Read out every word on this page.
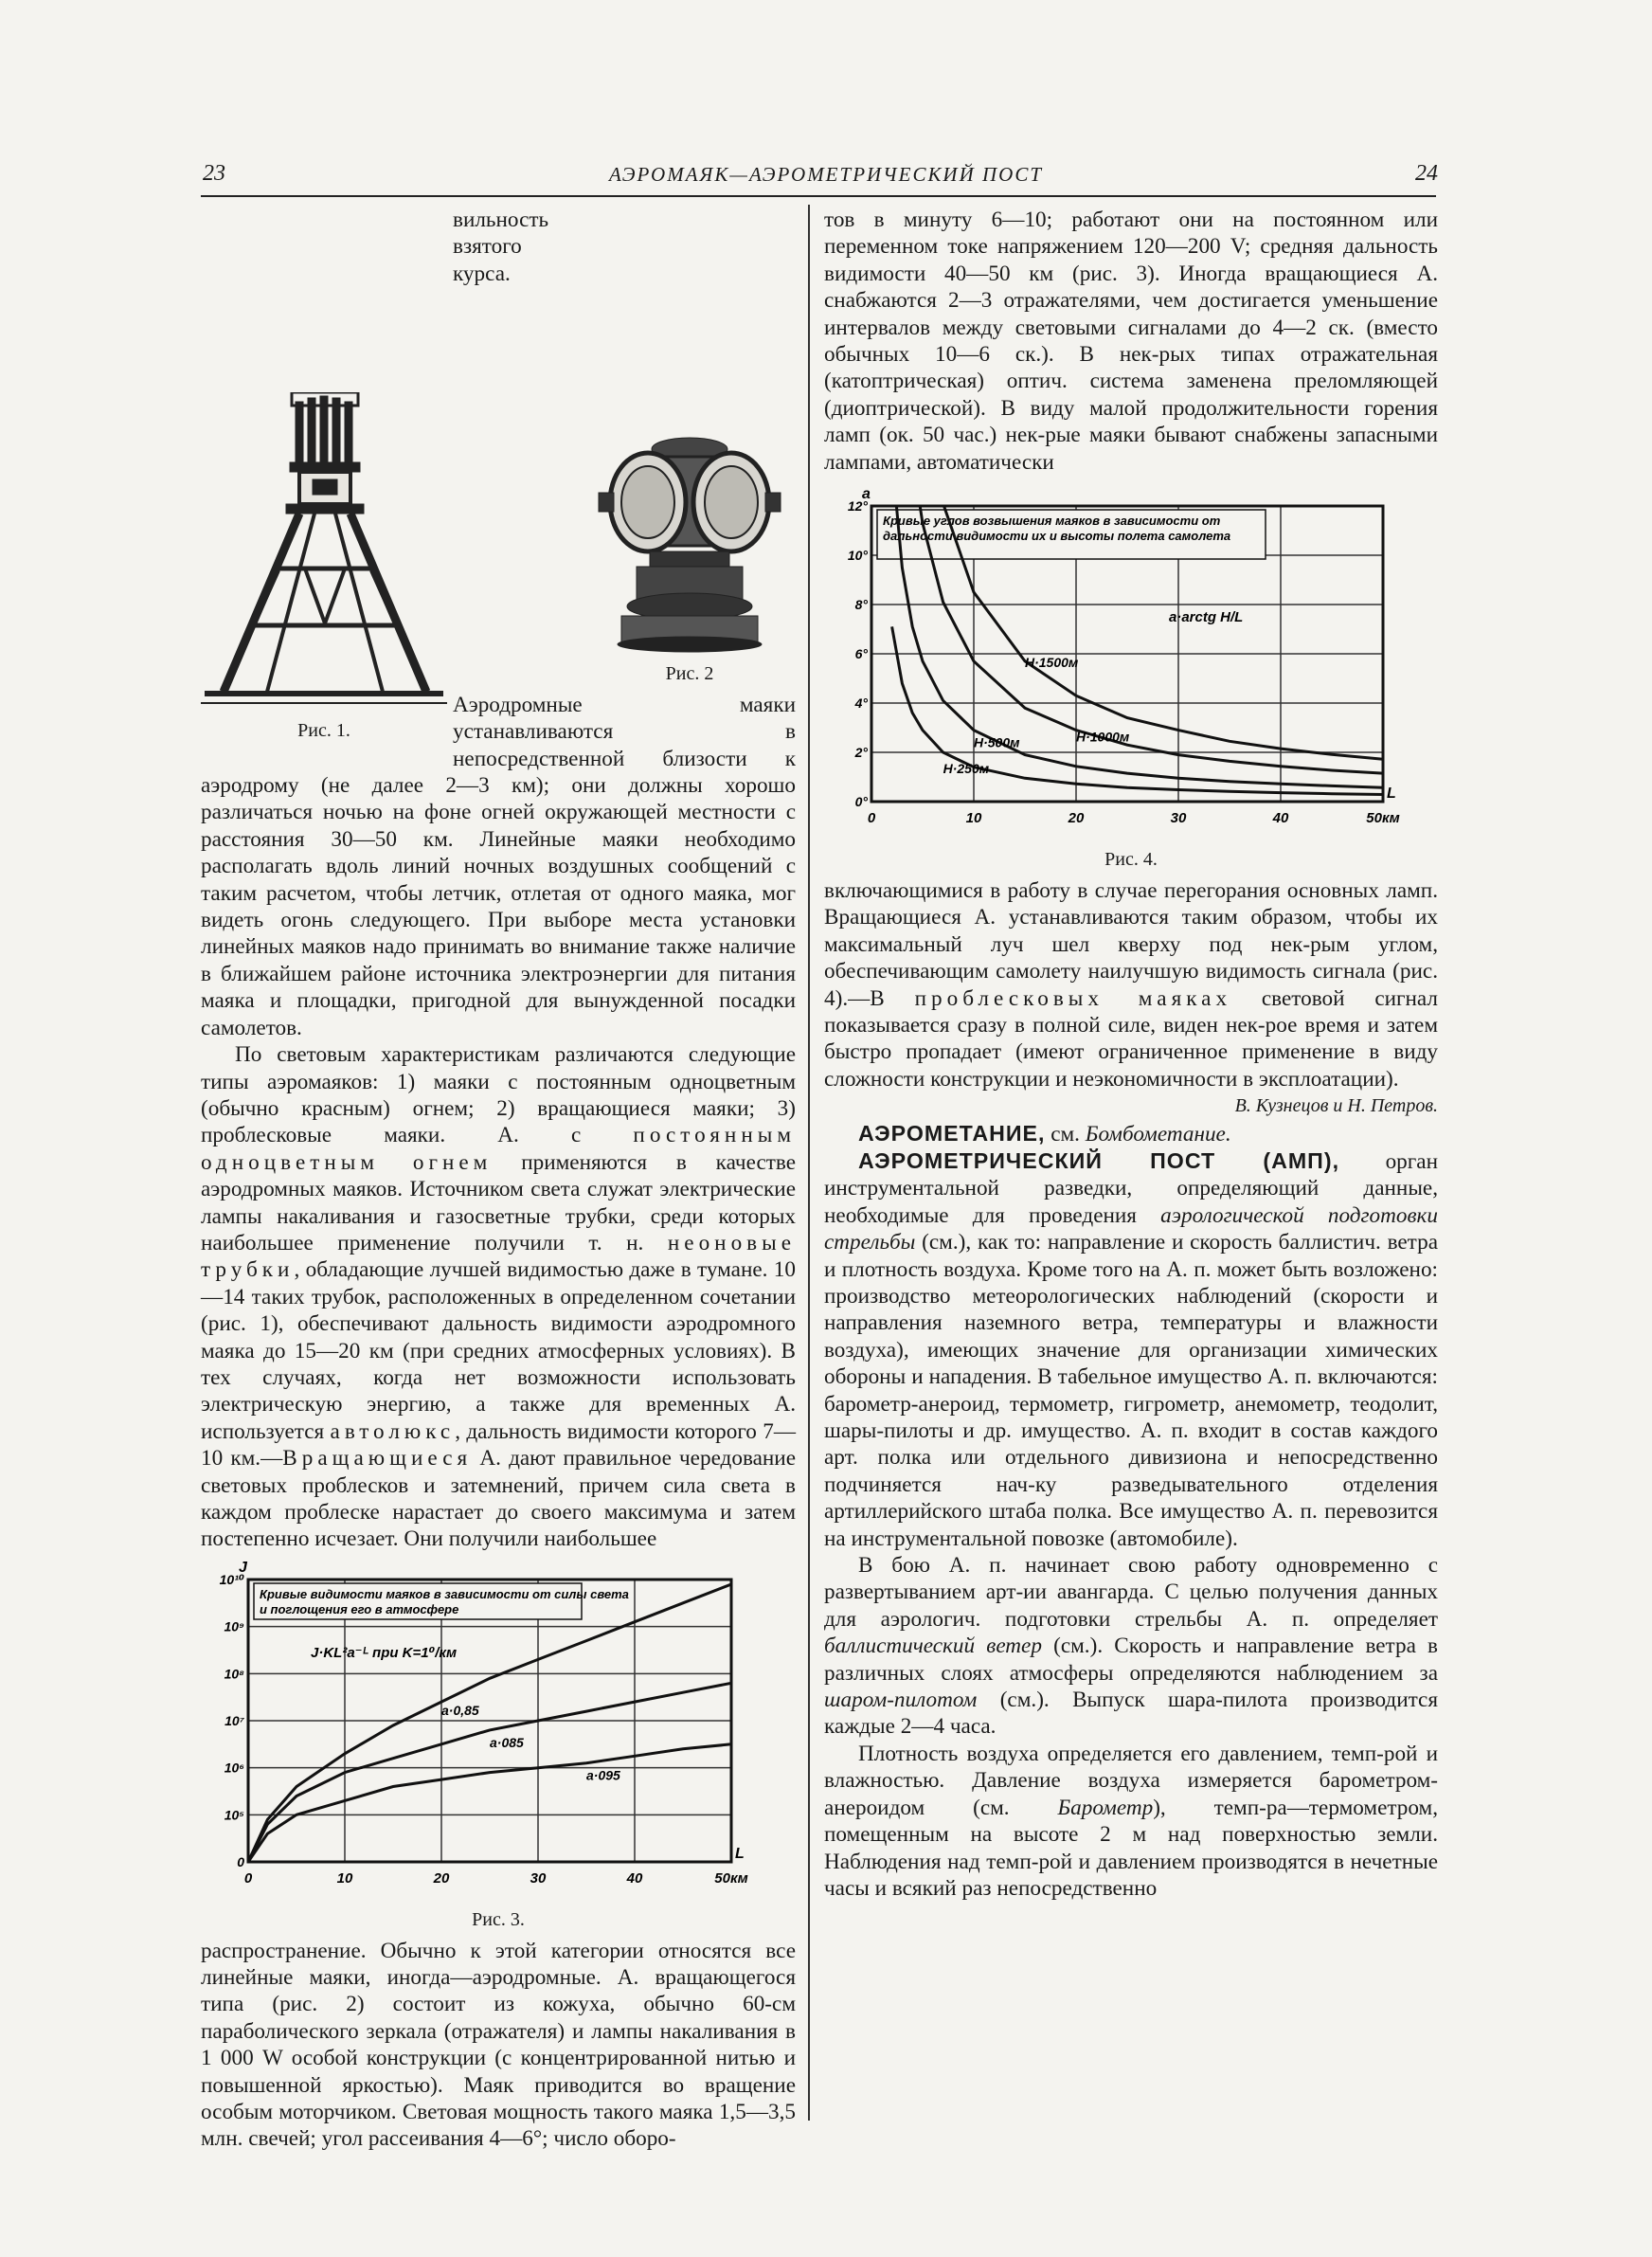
23	АЭРОМАЯК—АЭРОМЕТРИЧЕСКИЙ ПОСТ	24
Рис. 1.
Рис. 2

вильность взятого курса. Аэродромные маяки устанавливаются в непосредственной близости к аэродрому (не далее 2—3 км); они должны хорошо различаться ночью на фоне огней окружающей местности с расстояния 30—50 км. Линейные маяки необходимо располагать вдоль линий ночных воздушных сообщений с таким расчетом, чтобы летчик, отлетая от одного маяка, мог видеть огонь следующего. При выборе места установки линейных маяков надо принимать во внимание также наличие в ближайшем районе источника электроэнергии для питания маяка и площадки, пригодной для вынужденной посадки самолетов.

По световым характеристикам различаются следующие типы аэромаяков: 1) маяки с постоянным одноцветным (обычно красным) огнем; 2) вращающиеся маяки; 3) проблесковые маяки. А. с постоянным одноцветным огнем применяются в качестве аэродромных маяков. Источником света служат электрические лампы накаливания и газосветные трубки, среди которых наибольшее применение получили т. н. неоновые трубки, обладающие лучшей видимостью даже в тумане. 10—14 таких трубок, расположенных в определенном сочетании (рис. 1), обеспечивают дальность видимости аэродромного маяка до 15—20 км (при средних атмосферных условиях). В тех случаях, когда нет возможности использовать электрическую энергию, а также для временных А. используется автолюкс, дальность видимости которого 7—10 км.—Вращающиеся А. дают правильное чередование световых проблесков и затемнений, причем сила света в каждом проблеске нарастает до своего максимума и затем постепенно исчезает. Они получили наибольшее

0	10	20	30	40	50км
0
10⁵
10⁶
10⁷
10⁸
10⁹
10¹⁰
J
L
Кривые видимости маяков в зависимости от силы света и поглощения его в атмосфере
J·KL²a⁻ᴸ при K=1⁰/км
a·0,85
a·085
a·095
Рис. 3.

распространение. Обычно к этой категории относятся все линейные маяки, иногда—аэродромные. А. вращающегося типа (рис. 2) состоит из кожуха, обычно 60-см параболического зеркала (отражателя) и лампы накаливания в 1 000 W особой конструкции (с концентрированной нитью и повышенной яркостью). Маяк приводится во вращение особым моторчиком. Световая мощность такого маяка 1,5—3,5 млн. свечей; угол рассеивания 4—6°; число оборо-

тов в минуту 6—10; работают они на постоянном или переменном токе напряжением 120—200 V; средняя дальность видимости 40—50 км (рис. 3). Иногда вращающиеся А. снабжаются 2—3 отражателями, чем достигается уменьшение интервалов между световыми сигналами до 4—2 ск. (вместо обычных 10—6 ск.). В нек-рых типах отражательная (катоптрическая) оптич. система заменена преломляющей (диоптрической). В виду малой продолжительности горения ламп (ок. 50 час.) нек-рые маяки бывают снабжены запасными лампами, автоматически

0	10	20	30	40	50км
0°
2°
4°
6°
8°
10°
12°
a
L
Кривые углов возвышения маяков в зависимости от дальности видимости их и высоты полета самолета
a·arctg H/L
H·250м
H·500м	H·1000м
H·1500м
Рис. 4.

включающимися в работу в случае перегорания основных ламп. Вращающиеся А. устанавливаются таким образом, чтобы их максимальный луч шел кверху под нек-рым углом, обеспечивающим самолету наилучшую видимость сигнала (рис. 4).—В проблесковых маяках световой сигнал показывается сразу в полной силе, виден нек-рое время и затем быстро пропадает (имеют ограниченное применение в виду сложности конструкции и неэкономичности в эксплоатации).

В. Кузнецов и Н. Петров.

АЭРОМЕТАНИЕ, см. Бомбометание.

АЭРОМЕТРИЧЕСКИЙ ПОСТ (АМП), орган инструментальной разведки, определяющий данные, необходимые для проведения аэрологической подготовки стрельбы (см.), как то: направление и скорость баллистич. ветра и плотность воздуха. Кроме того на А. п. может быть возложено: производство метеорологических наблюдений (скорости и направления наземного ветра, температуры и влажности воздуха), имеющих значение для организации химических обороны и нападения. В табельное имущество А. п. включаются: барометр-анероид, термометр, гигрометр, анемометр, теодолит, шары-пилоты и др. имущество. А. п. входит в состав каждого арт. полка или отдельного дивизиона и непосредственно подчиняется нач-ку разведывательного отделения артиллерийского штаба полка. Все имущество А. п. перевозится на инструментальной повозке (автомобиле).

В бою А. п. начинает свою работу одновременно с развертыванием арт-ии авангарда. С целью получения данных для аэрологич. подготовки стрельбы А. п. определяет баллистический ветер (см.). Скорость и направление ветра в различных слоях атмосферы определяются наблюдением за шаром-пилотом (см.). Выпуск шара-пилота производится каждые 2—4 часа.

Плотность воздуха определяется его давлением, темп-рой и влажностью. Давление воздуха измеряется барометром-анероидом (см. Барометр), темп-ра—термометром, помещенным на высоте 2 м над поверхностью земли. Наблюдения над темп-рой и давлением производятся в нечетные часы и всякий раз непосредственно
